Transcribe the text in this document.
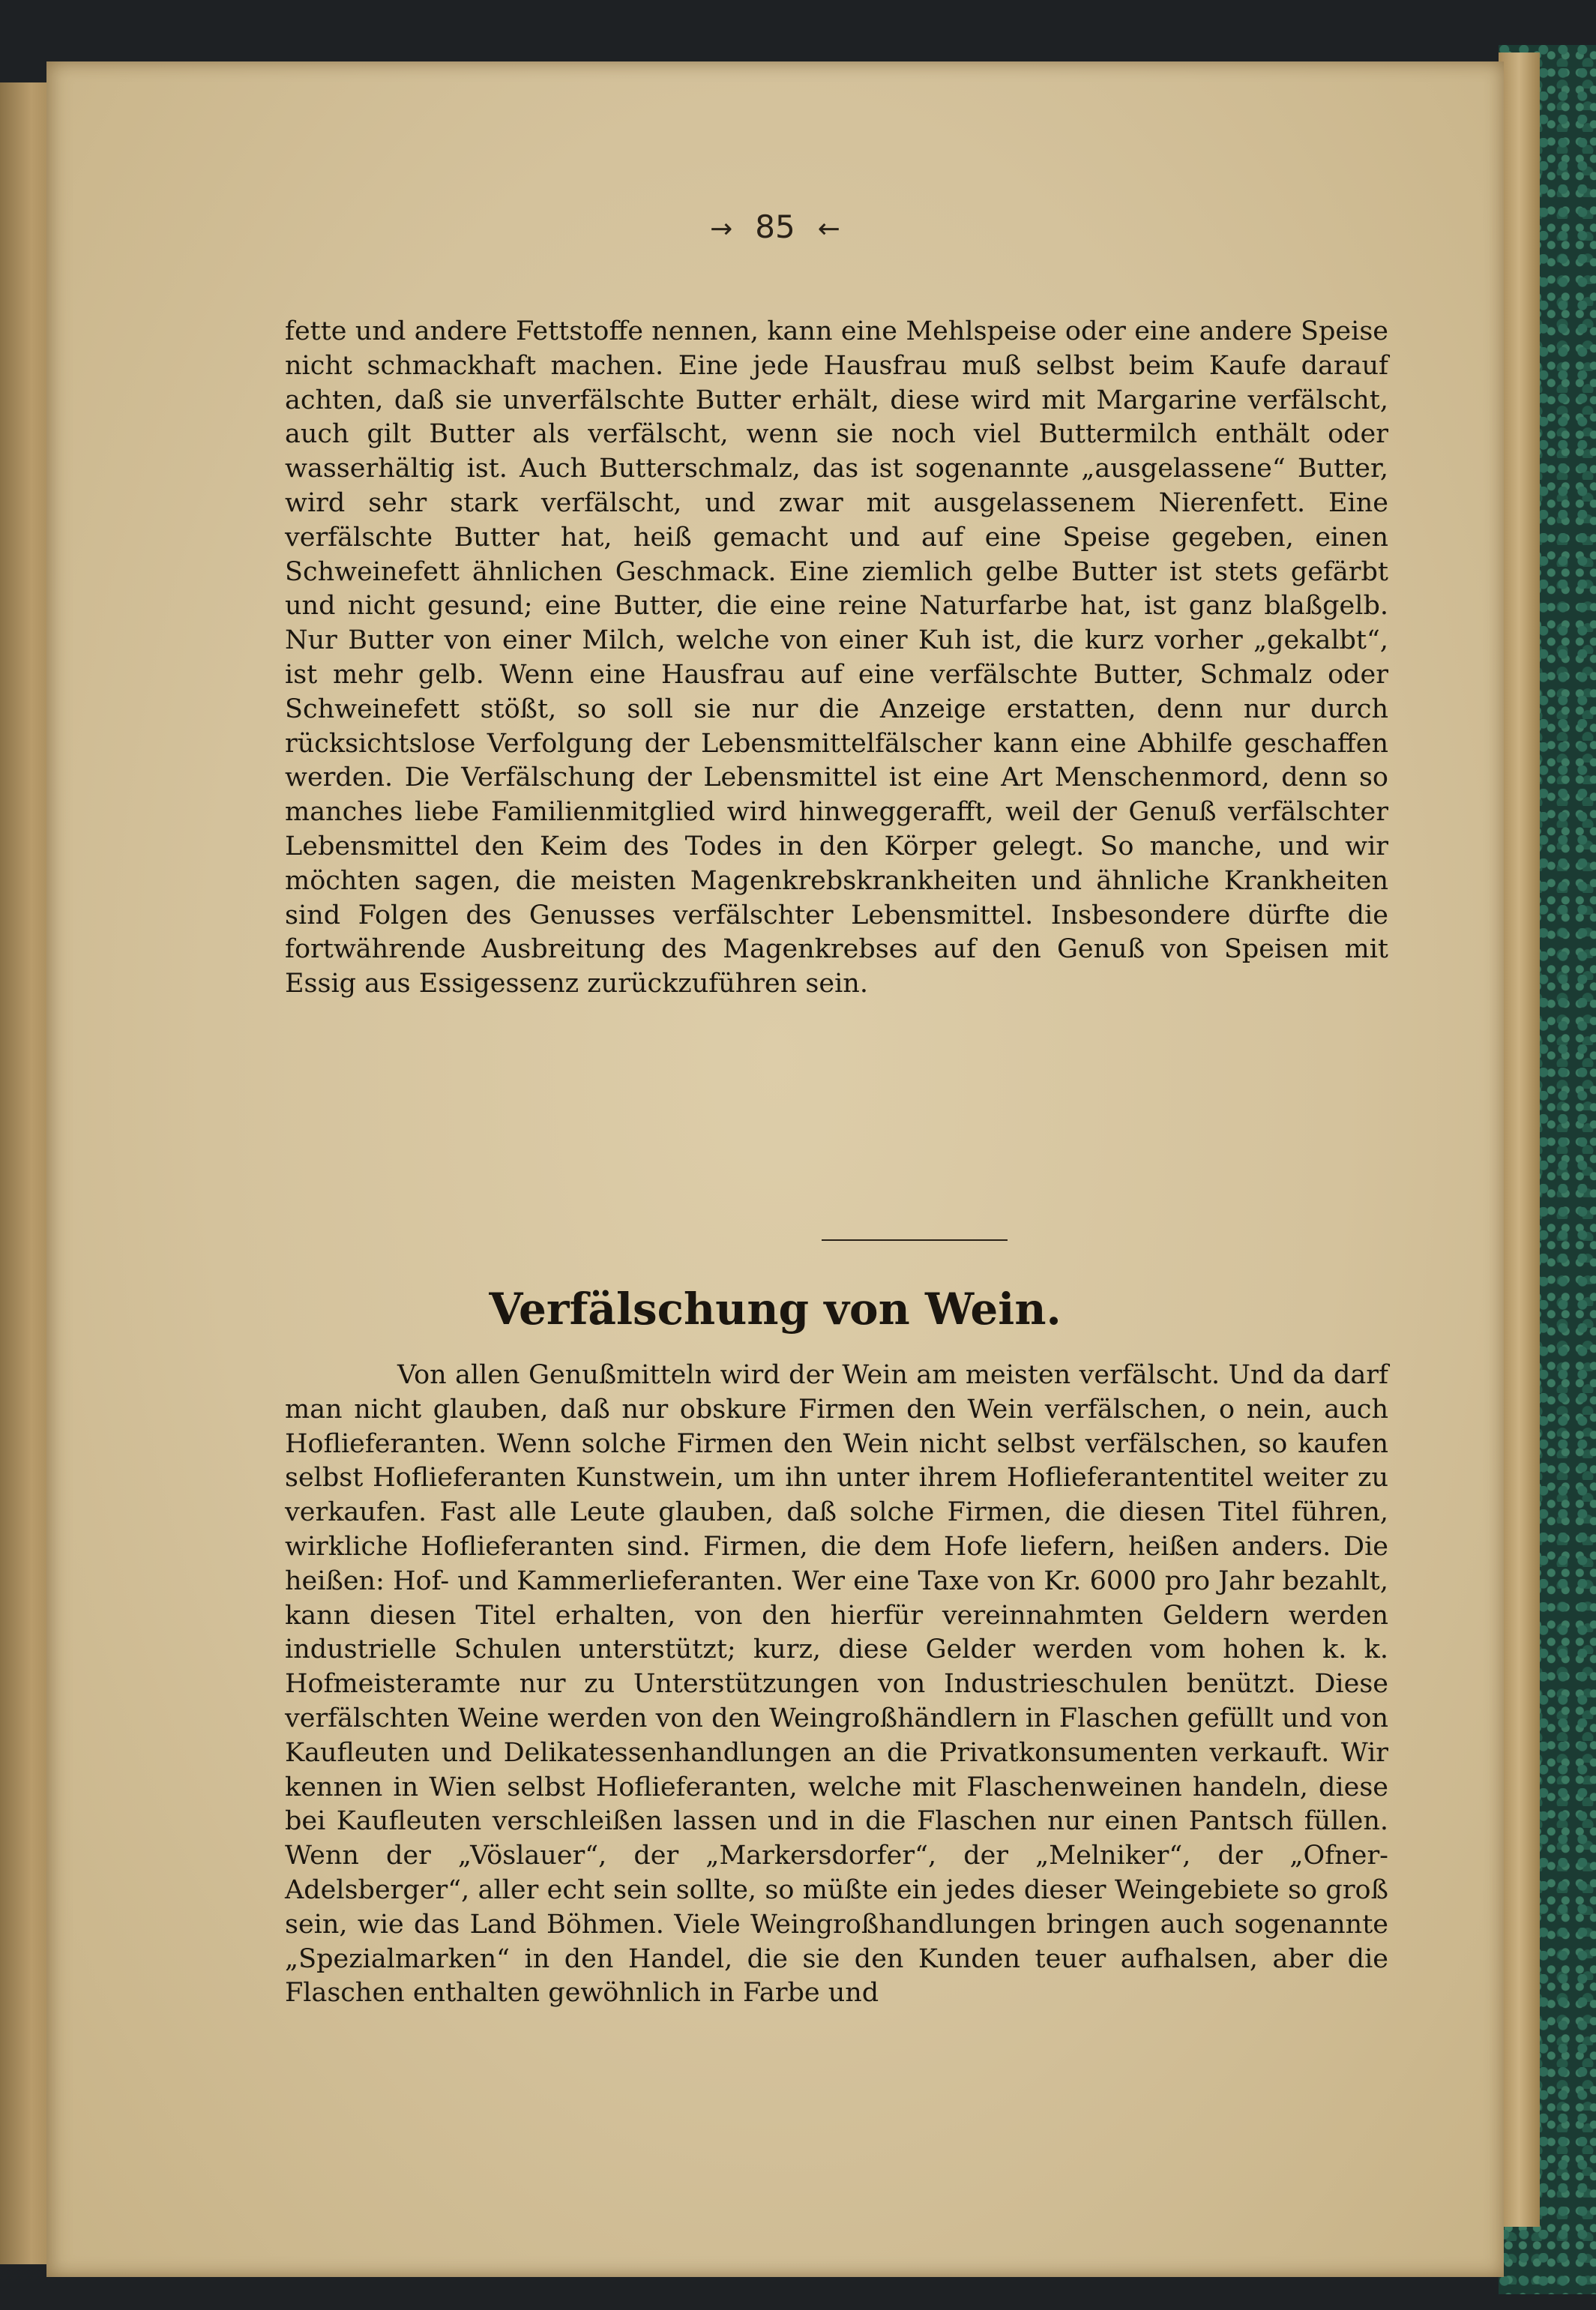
→ 85 ←

fette und andere Fettstoffe nennen, kann eine Mehlspeise oder eine andere Speise nicht schmackhaft machen. Eine jede Hausfrau muß selbst beim Kaufe darauf achten, daß sie unverfälschte Butter erhält, diese wird mit Margarine verfälscht, auch gilt Butter als verfälscht, wenn sie noch viel Buttermilch enthält oder wasserhältig ist. Auch Butterschmalz, das ist sogenannte „ausgelassene“ Butter, wird sehr stark verfälscht, und zwar mit ausgelassenem Nierenfett. Eine verfälschte Butter hat, heiß gemacht und auf eine Speise gegeben, einen Schweinefett ähnlichen Geschmack. Eine ziemlich gelbe Butter ist stets gefärbt und nicht gesund; eine Butter, die eine reine Naturfarbe hat, ist ganz blaßgelb. Nur Butter von einer Milch, welche von einer Kuh ist, die kurz vorher „gekalbt“, ist mehr gelb. Wenn eine Hausfrau auf eine verfälschte Butter, Schmalz oder Schweinefett stößt, so soll sie nur die Anzeige erstatten, denn nur durch rücksichtslose Verfolgung der Lebensmittelfälscher kann eine Abhilfe geschaffen werden. Die Verfälschung der Lebensmittel ist eine Art Menschenmord, denn so manches liebe Familienmitglied wird hinweggerafft, weil der Genuß verfälschter Lebensmittel den Keim des Todes in den Körper gelegt. So manche, und wir möchten sagen, die meisten Magenkrebskrankheiten und ähnliche Krankheiten sind Folgen des Genusses verfälschter Lebensmittel. Insbesondere dürfte die fortwährende Ausbreitung des Magenkrebses auf den Genuß von Speisen mit Essig aus Essigessenz zurückzuführen sein.

Verfälschung von Wein.

Von allen Genußmitteln wird der Wein am meisten verfälscht. Und da darf man nicht glauben, daß nur obskure Firmen den Wein verfälschen, o nein, auch Hoflieferanten. Wenn solche Firmen den Wein nicht selbst verfälschen, so kaufen selbst Hoflieferanten Kunstwein, um ihn unter ihrem Hoflieferantentitel weiter zu verkaufen. Fast alle Leute glauben, daß solche Firmen, die diesen Titel führen, wirkliche Hoflieferanten sind. Firmen, die dem Hofe liefern, heißen anders. Die heißen: Hof- und Kammerlieferanten. Wer eine Taxe von Kr. 6000 pro Jahr bezahlt, kann diesen Titel erhalten, von den hierfür vereinnahmten Geldern werden industrielle Schulen unterstützt; kurz, diese Gelder werden vom hohen k. k. Hofmeisteramte nur zu Unterstützungen von Industrieschulen benützt. Diese verfälschten Weine werden von den Weingroßhändlern in Flaschen gefüllt und von Kaufleuten und Delikatessenhandlungen an die Privatkonsumenten verkauft. Wir kennen in Wien selbst Hoflieferanten, welche mit Flaschenweinen handeln, diese bei Kaufleuten verschleißen lassen und in die Flaschen nur einen Pantsch füllen. Wenn der „Vöslauer“, der „Markersdorfer“, der „Melniker“, der „Ofner-Adelsberger“, aller echt sein sollte, so müßte ein jedes dieser Weingebiete so groß sein, wie das Land Böhmen. Viele Weingroßhandlungen bringen auch sogenannte „Spezialmarken“ in den Handel, die sie den Kunden teuer aufhalsen, aber die Flaschen enthalten gewöhnlich in Farbe und
